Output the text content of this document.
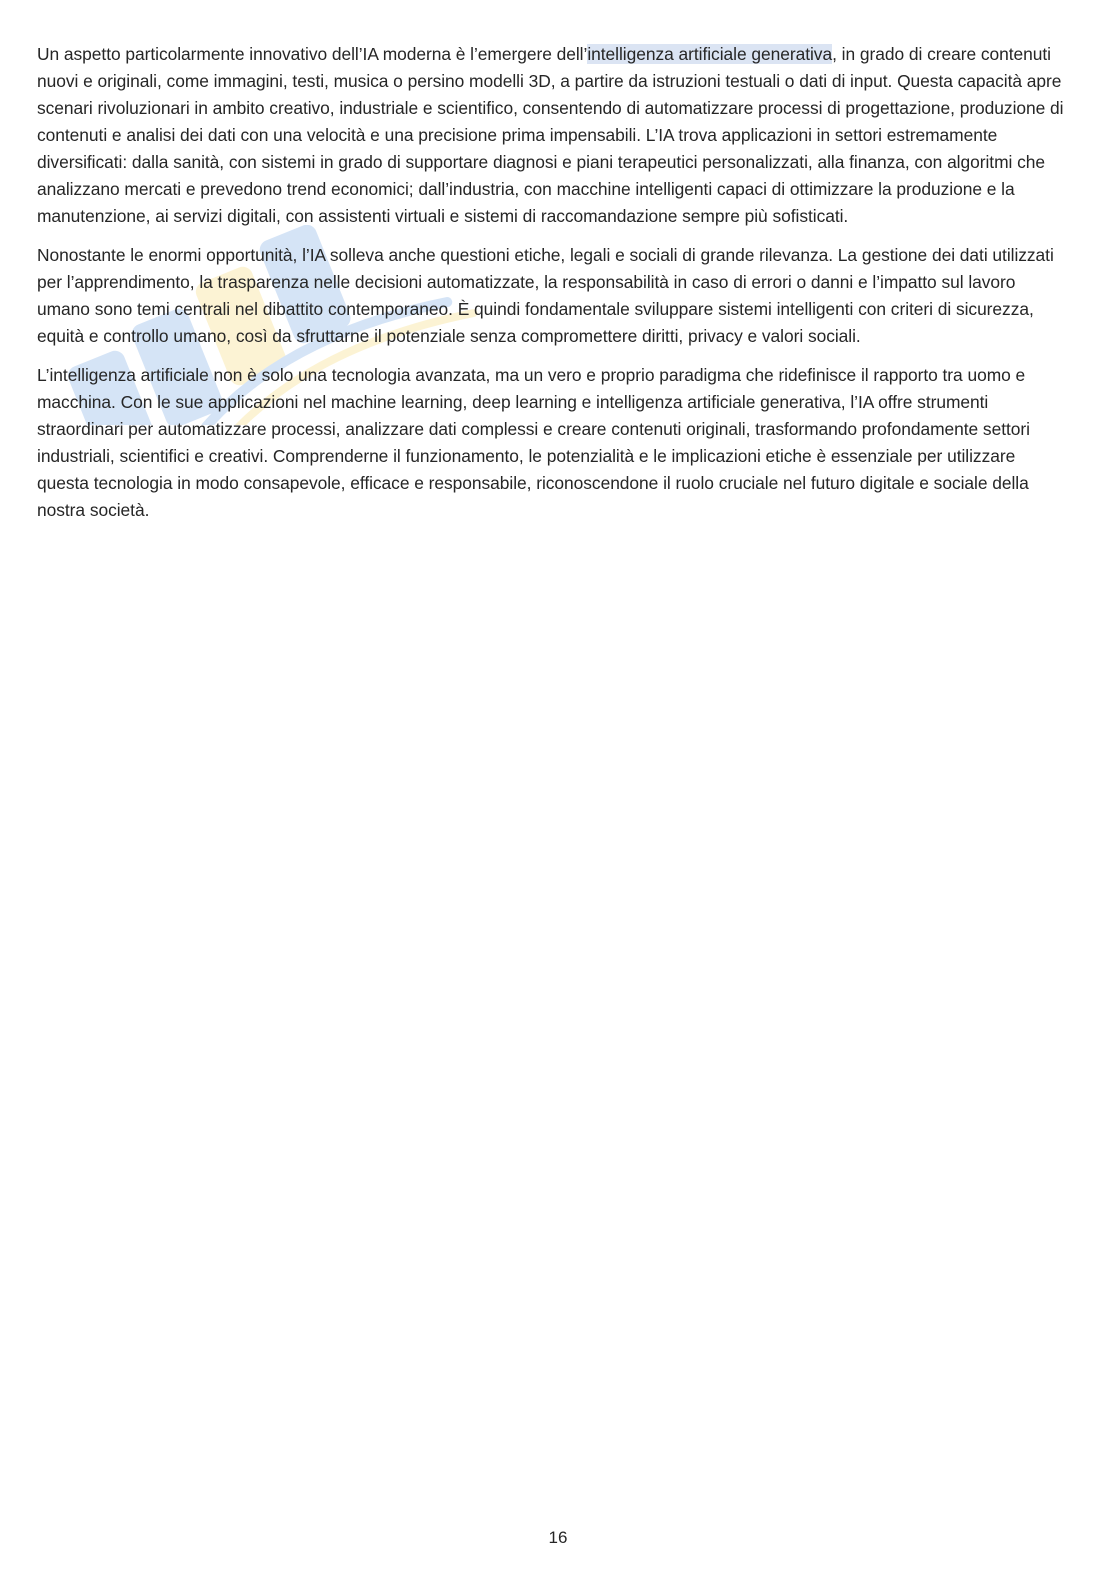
Un aspetto particolarmente innovativo dell’IA moderna è l’emergere dell’intelligenza artificiale generativa, in grado di creare contenuti nuovi e originali, come immagini, testi, musica o persino modelli 3D, a partire da istruzioni testuali o dati di input. Questa capacità apre scenari rivoluzionari in ambito creativo, industriale e scientifico, consentendo di automatizzare processi di progettazione, produzione di contenuti e analisi dei dati con una velocità e una precisione prima impensabili. L’IA trova applicazioni in settori estremamente diversificati: dalla sanità, con sistemi in grado di supportare diagnosi e piani terapeutici personalizzati, alla finanza, con algoritmi che analizzano mercati e prevedono trend economici; dall’industria, con macchine intelligenti capaci di ottimizzare la produzione e la manutenzione, ai servizi digitali, con assistenti virtuali e sistemi di raccomandazione sempre più sofisticati.

Nonostante le enormi opportunità, l’IA solleva anche questioni etiche, legali e sociali di grande rilevanza. La gestione dei dati utilizzati per l’apprendimento, la trasparenza nelle decisioni automatizzate, la responsabilità in caso di errori o danni e l’impatto sul lavoro umano sono temi centrali nel dibattito contemporaneo. È quindi fondamentale sviluppare sistemi intelligenti con criteri di sicurezza, equità e controllo umano, così da sfruttarne il potenziale senza compromettere diritti, privacy e valori sociali.

L’intelligenza artificiale non è solo una tecnologia avanzata, ma un vero e proprio paradigma che ridefinisce il rapporto tra uomo e macchina. Con le sue applicazioni nel machine learning, deep learning e intelligenza artificiale generativa, l’IA offre strumenti straordinari per automatizzare processi, analizzare dati complessi e creare contenuti originali, trasformando profondamente settori industriali, scientifici e creativi. Comprenderne il funzionamento, le potenzialità e le implicazioni etiche è essenziale per utilizzare questa tecnologia in modo consapevole, efficace e responsabile, riconoscendone il ruolo cruciale nel futuro digitale e sociale della nostra società.

16
